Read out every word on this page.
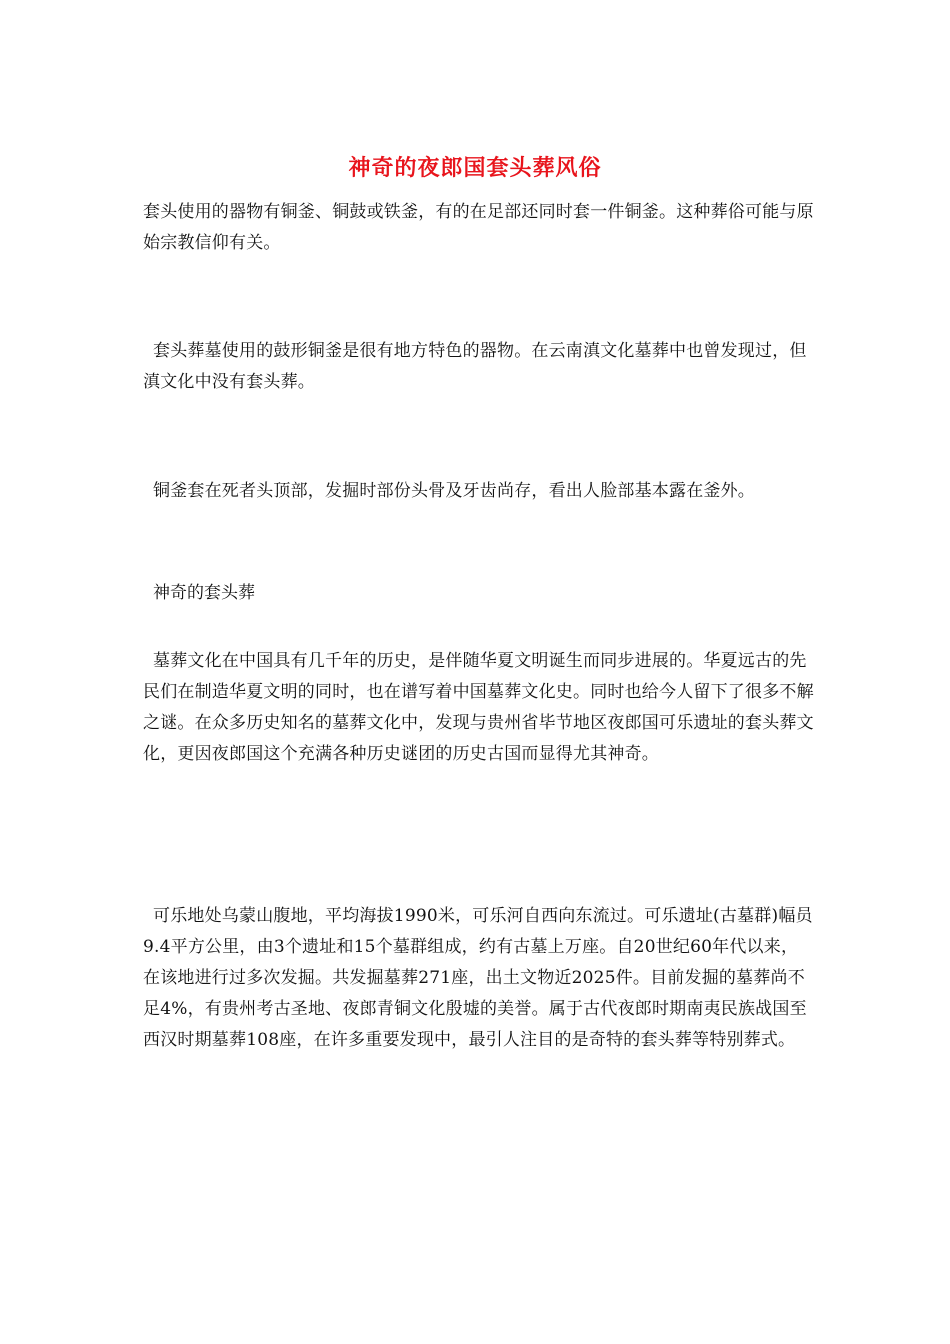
神奇的夜郎国套头葬风俗
套头使用的器物有铜釜、铜鼓或铁釜，有的在足部还同时套一件铜釜。这种葬俗可能与原始宗教信仰有关。
套头葬墓使用的鼓形铜釜是很有地方特色的器物。在云南滇文化墓葬中也曾发现过，但滇文化中没有套头葬。
铜釜套在死者头顶部，发掘时部份头骨及牙齿尚存，看出人脸部基本露在釜外。
神奇的套头葬
墓葬文化在中国具有几千年的历史，是伴随华夏文明诞生而同步进展的。华夏远古的先民们在制造华夏文明的同时，也在谱写着中国墓葬文化史。同时也给今人留下了很多不解之谜。在众多历史知名的墓葬文化中，发现与贵州省毕节地区夜郎国可乐遗址的套头葬文化，更因夜郎国这个充满各种历史谜团的历史古国而显得尤其神奇。
可乐地处乌蒙山腹地，平均海拔1990米，可乐河自西向东流过。可乐遗址(古墓群)幅员9.4平方公里，由3个遗址和15个墓群组成，约有古墓上万座。自20世纪60年代以来，在该地进行过多次发掘。共发掘墓葬271座，出土文物近2025件。目前发掘的墓葬尚不足4%，有贵州考古圣地、夜郎青铜文化殷墟的美誉。属于古代夜郎时期南夷民族战国至西汉时期墓葬108座，在许多重要发现中，最引人注目的是奇特的套头葬等特别葬式。
